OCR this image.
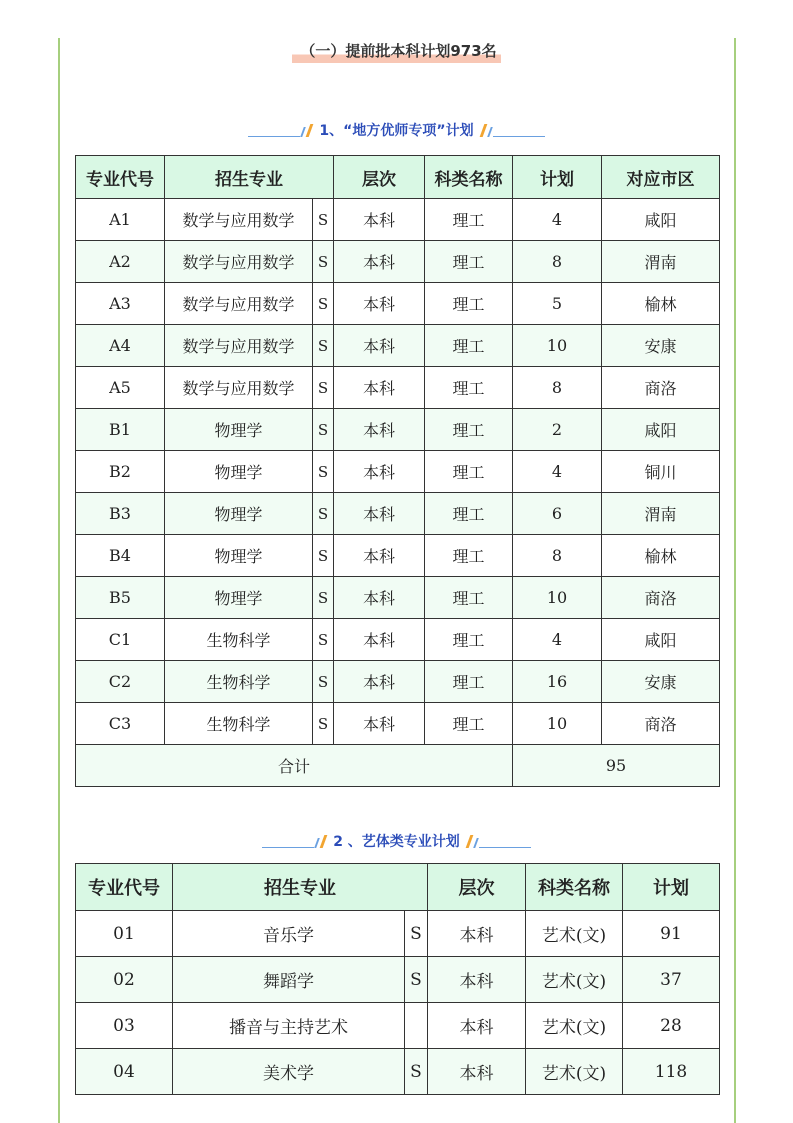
（一）提前批本科计划973名
1、“地方优师专项”计划
专业代号	招生专业		层次	科类名称	计划	对应市区
A1	数学与应用数学	S	本科	理工	4	咸阳
A2	数学与应用数学	S	本科	理工	8	渭南
A3	数学与应用数学	S	本科	理工	5	榆林
A4	数学与应用数学	S	本科	理工	10	安康
A5	数学与应用数学	S	本科	理工	8	商洛
B1	物理学	S	本科	理工	2	咸阳
B2	物理学	S	本科	理工	4	铜川
B3	物理学	S	本科	理工	6	渭南
B4	物理学	S	本科	理工	8	榆林
B5	物理学	S	本科	理工	10	商洛
C1	生物科学	S	本科	理工	4	咸阳
C2	生物科学	S	本科	理工	16	安康
C3	生物科学	S	本科	理工	10	商洛
合计					95	
2 、艺体类专业计划
专业代号	招生专业		层次	科类名称	计划
01	音乐学	S	本科	艺术(文)	91
02	舞蹈学	S	本科	艺术(文)	37
03	播音与主持艺术		本科	艺术(文)	28
04	美术学	S	本科	艺术(文)	118
